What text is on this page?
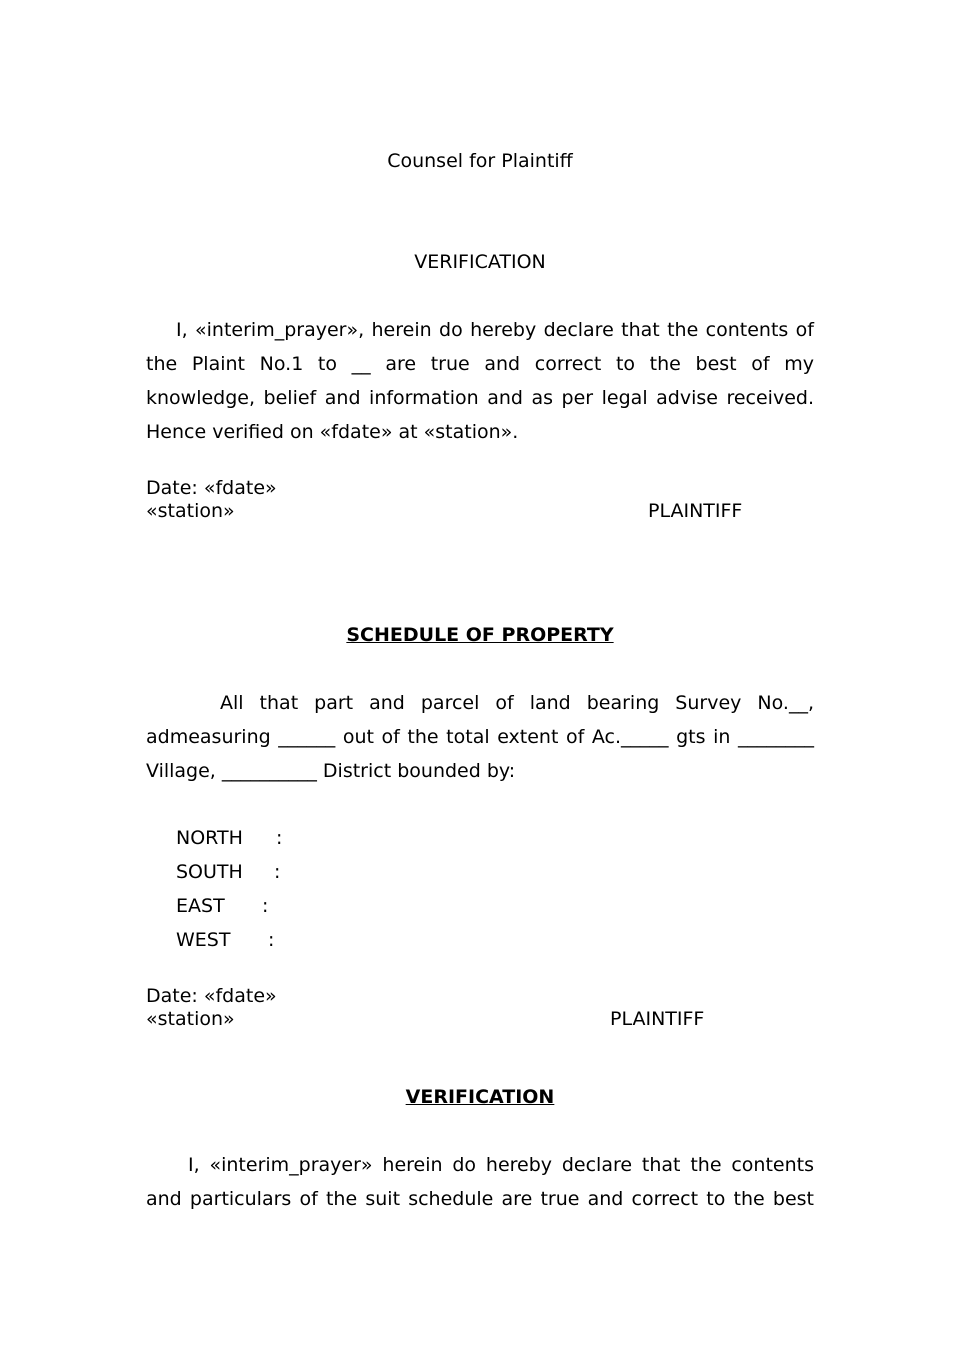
Counsel for Plaintiff

VERIFICATION

I, «interim_prayer», herein do hereby declare that the contents of the Plaint No.1 to __ are true and correct to the best of my knowledge, belief and information and as per legal advise received. Hence verified on «fdate» at «station».

Date: «fdate»
«station»	PLAINTIFF

SCHEDULE OF PROPERTY

All that part and parcel of land bearing Survey No.__, admeasuring ______ out of the total extent of Ac._____ gts in ________ Village, __________ District bounded by:

NORTH :
SOUTH :
EAST :
WEST :
Date: «fdate»
«station»	PLAINTIFF

VERIFICATION

I, «interim_prayer» herein do hereby declare that the contents and particulars of the suit schedule are true and correct to the best
